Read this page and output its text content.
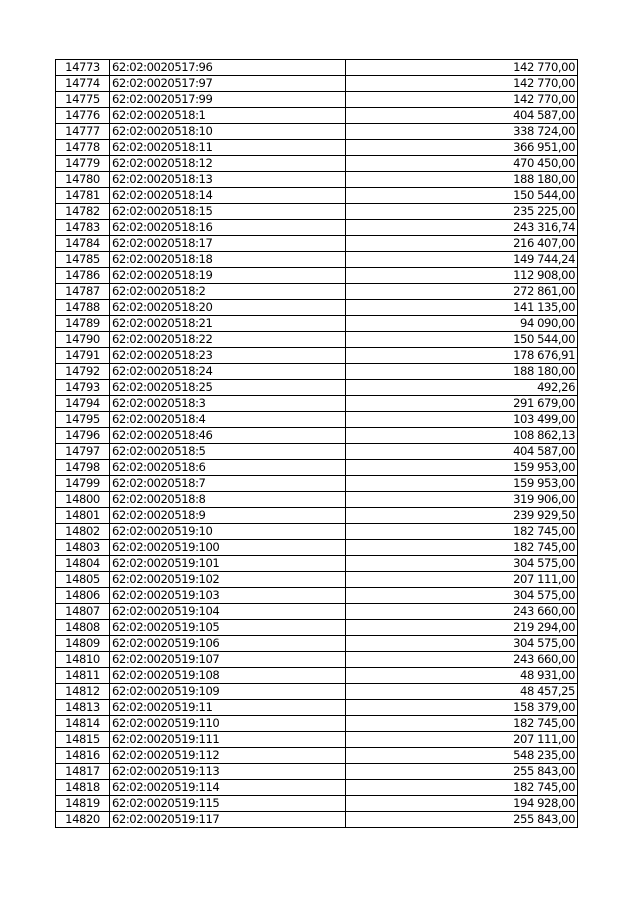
14773	62:02:0020517:96	142 770,00
14774	62:02:0020517:97	142 770,00
14775	62:02:0020517:99	142 770,00
14776	62:02:0020518:1	404 587,00
14777	62:02:0020518:10	338 724,00
14778	62:02:0020518:11	366 951,00
14779	62:02:0020518:12	470 450,00
14780	62:02:0020518:13	188 180,00
14781	62:02:0020518:14	150 544,00
14782	62:02:0020518:15	235 225,00
14783	62:02:0020518:16	243 316,74
14784	62:02:0020518:17	216 407,00
14785	62:02:0020518:18	149 744,24
14786	62:02:0020518:19	112 908,00
14787	62:02:0020518:2	272 861,00
14788	62:02:0020518:20	141 135,00
14789	62:02:0020518:21	94 090,00
14790	62:02:0020518:22	150 544,00
14791	62:02:0020518:23	178 676,91
14792	62:02:0020518:24	188 180,00
14793	62:02:0020518:25	492,26
14794	62:02:0020518:3	291 679,00
14795	62:02:0020518:4	103 499,00
14796	62:02:0020518:46	108 862,13
14797	62:02:0020518:5	404 587,00
14798	62:02:0020518:6	159 953,00
14799	62:02:0020518:7	159 953,00
14800	62:02:0020518:8	319 906,00
14801	62:02:0020518:9	239 929,50
14802	62:02:0020519:10	182 745,00
14803	62:02:0020519:100	182 745,00
14804	62:02:0020519:101	304 575,00
14805	62:02:0020519:102	207 111,00
14806	62:02:0020519:103	304 575,00
14807	62:02:0020519:104	243 660,00
14808	62:02:0020519:105	219 294,00
14809	62:02:0020519:106	304 575,00
14810	62:02:0020519:107	243 660,00
14811	62:02:0020519:108	48 931,00
14812	62:02:0020519:109	48 457,25
14813	62:02:0020519:11	158 379,00
14814	62:02:0020519:110	182 745,00
14815	62:02:0020519:111	207 111,00
14816	62:02:0020519:112	548 235,00
14817	62:02:0020519:113	255 843,00
14818	62:02:0020519:114	182 745,00
14819	62:02:0020519:115	194 928,00
14820	62:02:0020519:117	255 843,00
